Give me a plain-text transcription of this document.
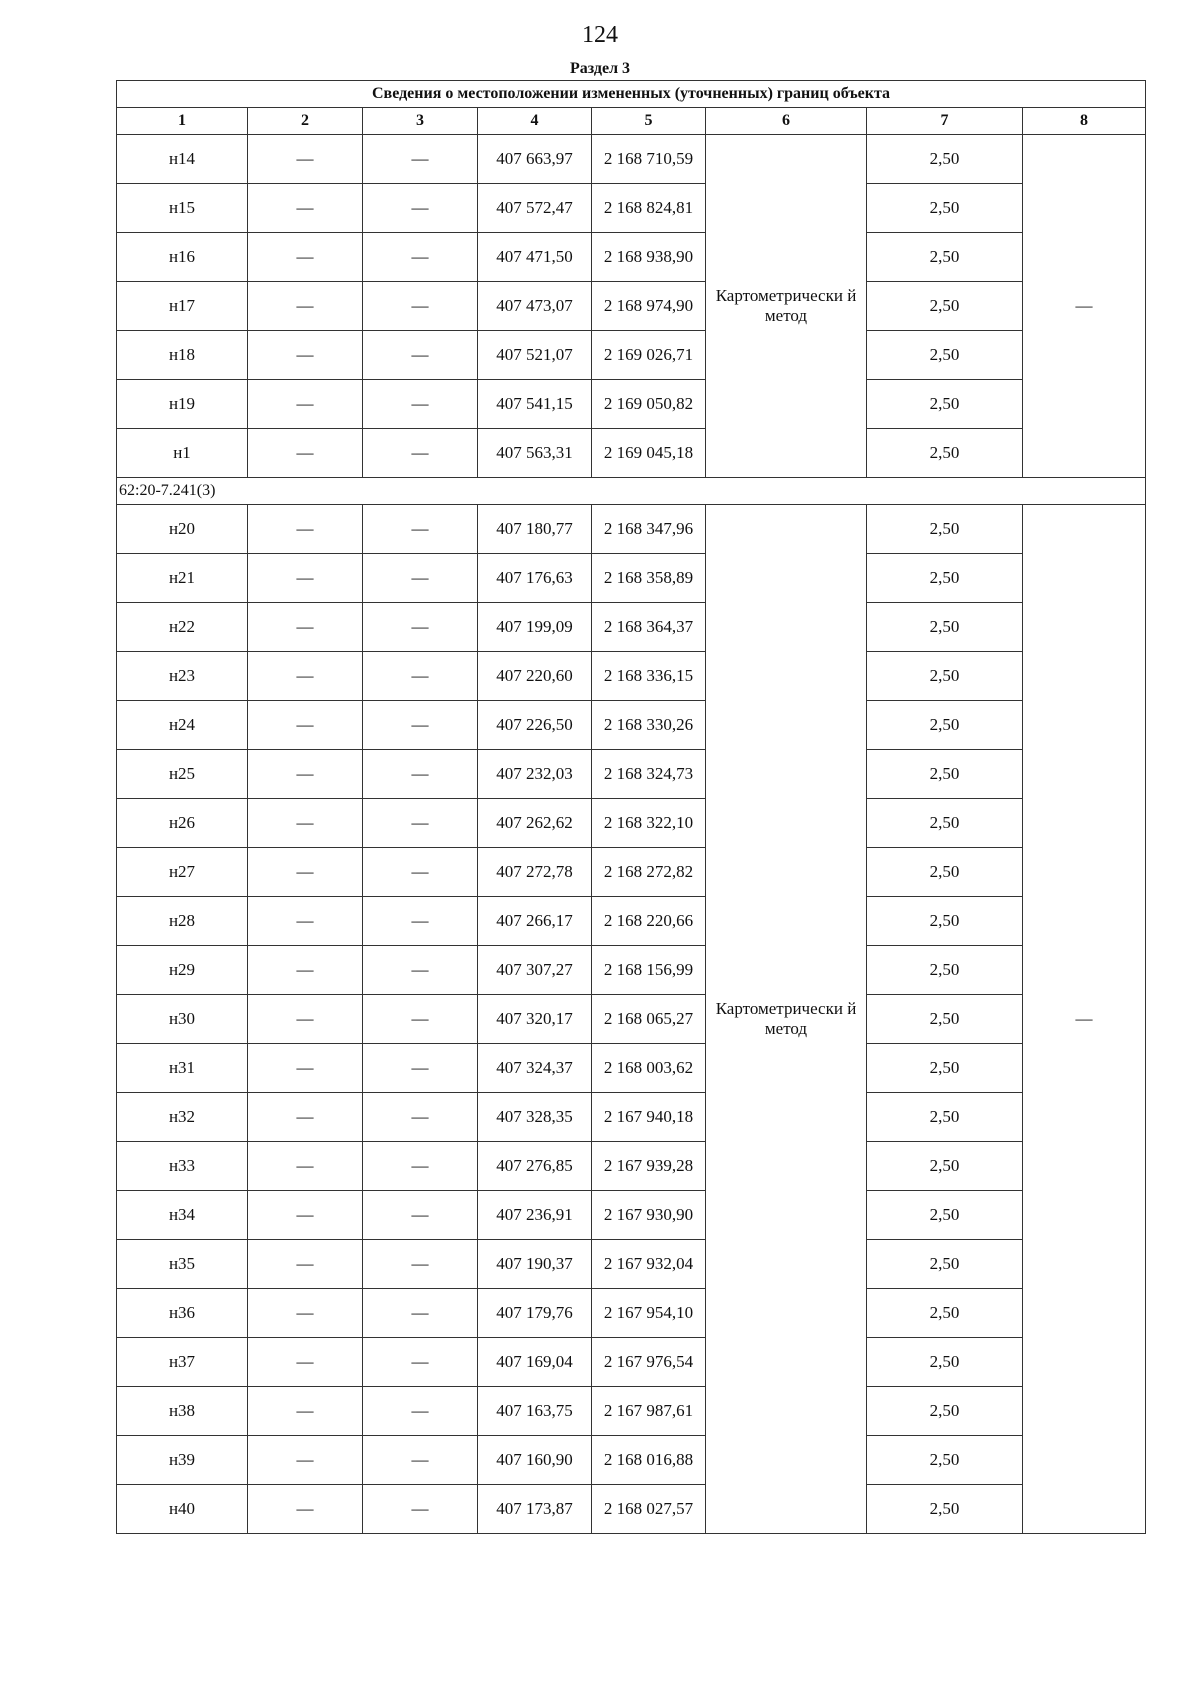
124
Раздел 3
Сведения о местоположении измененных (уточненных) границ объекта							
1	2	3	4	5	6	7	8
н14	—	—	407 663,97	2 168 710,59	Картометрически й метод	2,50	—
н15	—	—	407 572,47	2 168 824,81		2,50	
н16	—	—	407 471,50	2 168 938,90		2,50	
н17	—	—	407 473,07	2 168 974,90		2,50	
н18	—	—	407 521,07	2 169 026,71		2,50	
н19	—	—	407 541,15	2 169 050,82		2,50	
н1	—	—	407 563,31	2 169 045,18		2,50	
62:20-7.241(3)							
н20	—	—	407 180,77	2 168 347,96	Картометрически й метод	2,50	—
н21	—	—	407 176,63	2 168 358,89		2,50	
н22	—	—	407 199,09	2 168 364,37		2,50	
н23	—	—	407 220,60	2 168 336,15		2,50	
н24	—	—	407 226,50	2 168 330,26		2,50	
н25	—	—	407 232,03	2 168 324,73		2,50	
н26	—	—	407 262,62	2 168 322,10		2,50	
н27	—	—	407 272,78	2 168 272,82		2,50	
н28	—	—	407 266,17	2 168 220,66		2,50	
н29	—	—	407 307,27	2 168 156,99		2,50	
н30	—	—	407 320,17	2 168 065,27		2,50	
н31	—	—	407 324,37	2 168 003,62		2,50	
н32	—	—	407 328,35	2 167 940,18		2,50	
н33	—	—	407 276,85	2 167 939,28		2,50	
н34	—	—	407 236,91	2 167 930,90		2,50	
н35	—	—	407 190,37	2 167 932,04		2,50	
н36	—	—	407 179,76	2 167 954,10		2,50	
н37	—	—	407 169,04	2 167 976,54		2,50	
н38	—	—	407 163,75	2 167 987,61		2,50	
н39	—	—	407 160,90	2 168 016,88		2,50	
н40	—	—	407 173,87	2 168 027,57		2,50	
